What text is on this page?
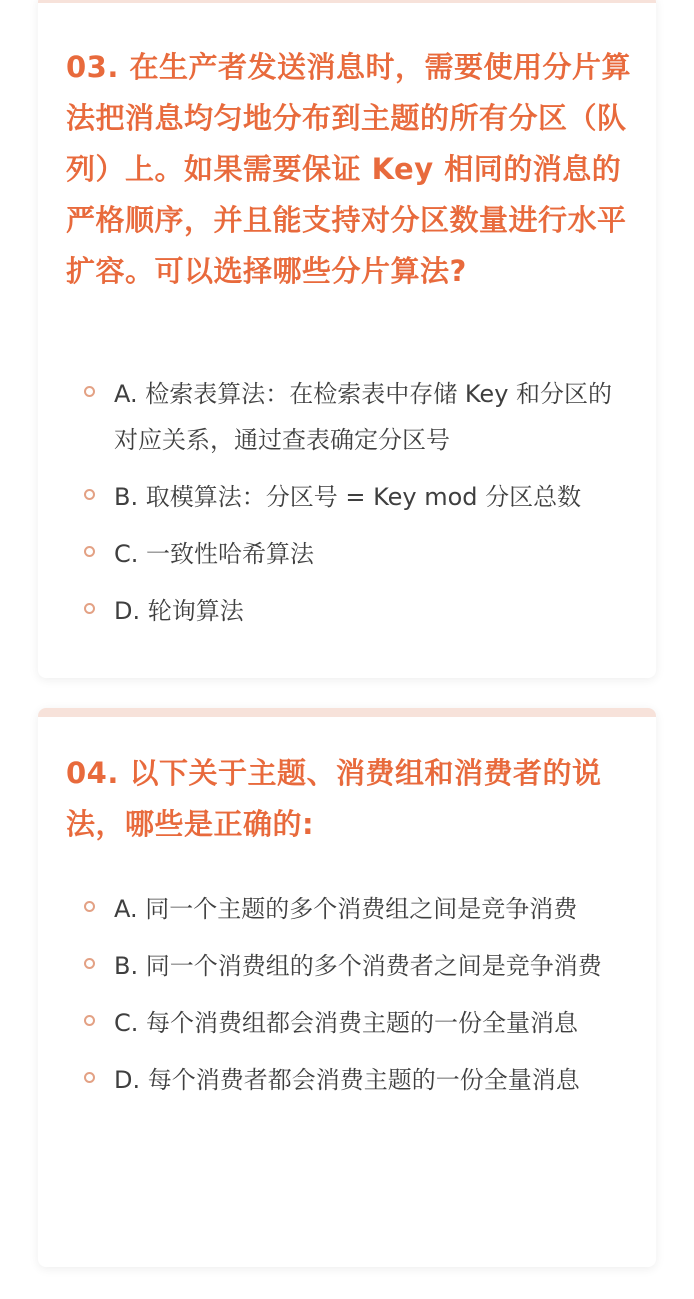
03. 在生产者发送消息时，需要使用分片算法把消息均匀地分布到主题的所有分区（队列）上。如果需要保证 Key 相同的消息的严格顺序，并且能支持对分区数量进行水平扩容。可以选择哪些分片算法?

A. 检索表算法：在检索表中存储 Key 和分区的对应关系，通过查表确定分区号
B. 取模算法：分区号 = Key mod 分区总数
C. 一致性哈希算法
D. 轮询算法

04. 以下关于主题、消费组和消费者的说法，哪些是正确的:

A. 同一个主题的多个消费组之间是竞争消费
B. 同一个消费组的多个消费者之间是竞争消费
C. 每个消费组都会消费主题的一份全量消息
D. 每个消费者都会消费主题的一份全量消息
